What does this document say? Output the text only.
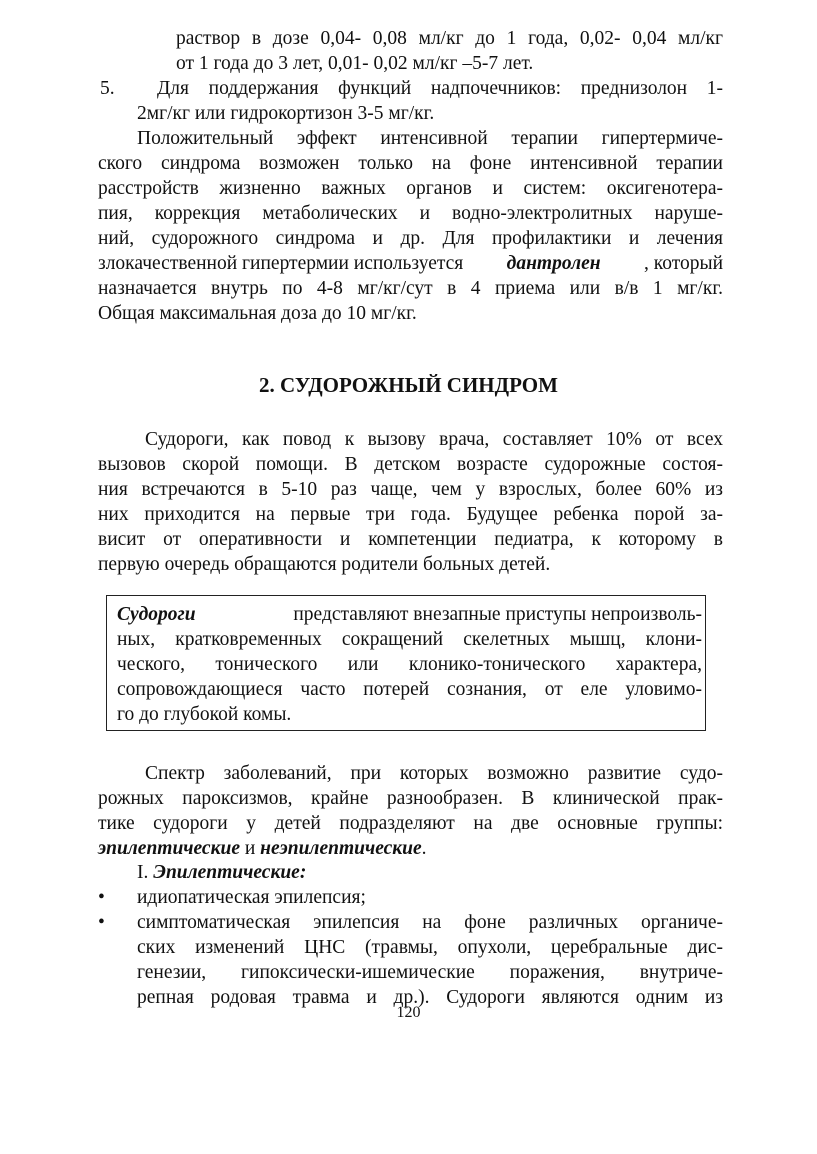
раствор в дозе 0,04- 0,08 мл/кг до 1 года, 0,02- 0,04 мл/кг
от 1 года до 3 лет, 0,01- 0,02 мл/кг –5-7 лет.
5. Для поддержания функций надпочечников: преднизолон 1-
2мг/кг или гидрокортизон 3-5 мг/кг.
Положительный эффект интенсивной терапии гипертермиче-
ского синдрома возможен только на фоне интенсивной терапии
расстройств жизненно важных органов и систем: оксигенотера-
пия, коррекция метаболических и водно-электролитных наруше-
ний, судорожного синдрома и др. Для профилактики и лечения
злокачественной гипертермии используется дантролен , который
назначается внутрь по 4-8 мг/кг/сут в 4 приема или в/в 1 мг/кг.
Общая максимальная доза до 10 мг/кг.
2. СУДОРОЖНЫЙ СИНДРОМ
Судороги, как повод к вызову врача, составляет 10% от всех
вызовов скорой помощи. В детском возрасте судорожные состоя-
ния встречаются в 5-10 раз чаще, чем у взрослых, более 60% из
них приходится на первые три года. Будущее ребенка порой за-
висит от оперативности и компетенции педиатра, к которому в
первую очередь обращаются родители больных детей.
Судороги	представляют внезапные приступы непроизволь-
ных, кратковременных сокращений скелетных мышц, клони-
ческого, тонического или клонико-тонического характера,
сопровождающиеся часто потерей сознания, от еле уловимо-
го до глубокой комы.
Спектр заболеваний, при которых возможно развитие судо-
рожных пароксизмов, крайне разнообразен. В клинической прак-
тике судороги у детей подразделяют на две основные группы:
эпилептические и неэпилептические.
I. Эпилептические:
• идиопатическая эпилепсия;
• симптоматическая эпилепсия на фоне различных органиче-
ских изменений ЦНС (травмы, опухоли, церебральные дис-
генезии, гипоксически-ишемические поражения, внутриче-
репная родовая травма и др.). Судороги являются одним из
120
